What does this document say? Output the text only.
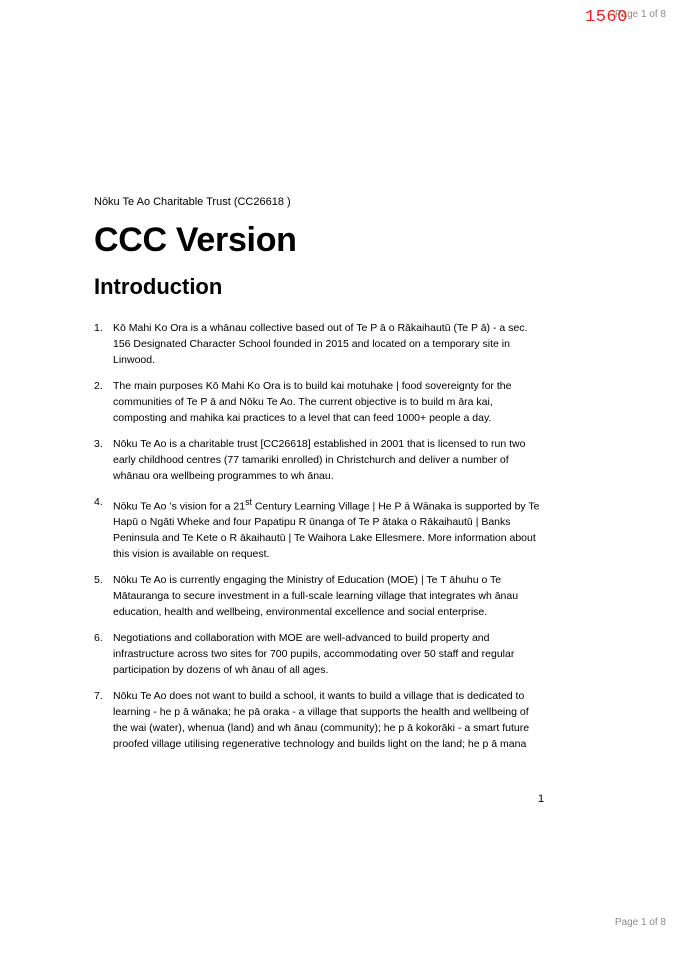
Page 1 of 8
1560

Nōku Te Ao Charitable Trust (CC26618 )

CCC Version
Introduction
1. Kō Mahi Ko Ora is a whānau collective based out of Te P ā o Rākaihautū (Te P ā) - a sec. 156 Designated Character School founded in 2015 and located on a temporary site in Linwood.
2. The main purposes Kō Mahi Ko Ora is to build kai motuhake | food sovereignty for the communities of Te P ā and Nōku Te Ao. The current objective is to build m āra kai, composting and mahika kai practices to a level that can feed 1000+ people a day.
3. Nōku Te Ao is a charitable trust [CC26618] established in 2001 that is licensed to run two early childhood centres (77 tamariki enrolled) in Christchurch and deliver a number of whānau ora wellbeing programmes to wh ānau.
4. Nōku Te Ao ’s vision for a 21st Century Learning Village | He P ā Wānaka is supported by Te Hapū o Ngāti Wheke and four Papatipu R ūnanga of Te P ātaka o Rākaihautū | Banks Peninsula and Te Kete o R ākaihautū | Te Waihora Lake Ellesmere. More information about this vision is available on request.
5. Nōku Te Ao is currently engaging the Ministry of Education (MOE) | Te T āhuhu o Te Mātauranga to secure investment in a full-scale learning village that integrates wh ānau education, health and wellbeing, environmental excellence and social enterprise.
6. Negotiations and collaboration with MOE are well-advanced to build property and infrastructure across two sites for 700 pupils, accommodating over 50 staff and regular participation by dozens of wh ānau of all ages.
7. Nōku Te Ao does not want to build a school, it wants to build a village that is dedicated to learning - he p ā wānaka; he pā oraka - a village that supports the health and wellbeing of the wai (water), whenua (land) and wh ānau (community); he p ā kokorāki - a smart future proofed village utilising regenerative technology and builds light on the land; he p ā mana
1
Page 1 of 8
